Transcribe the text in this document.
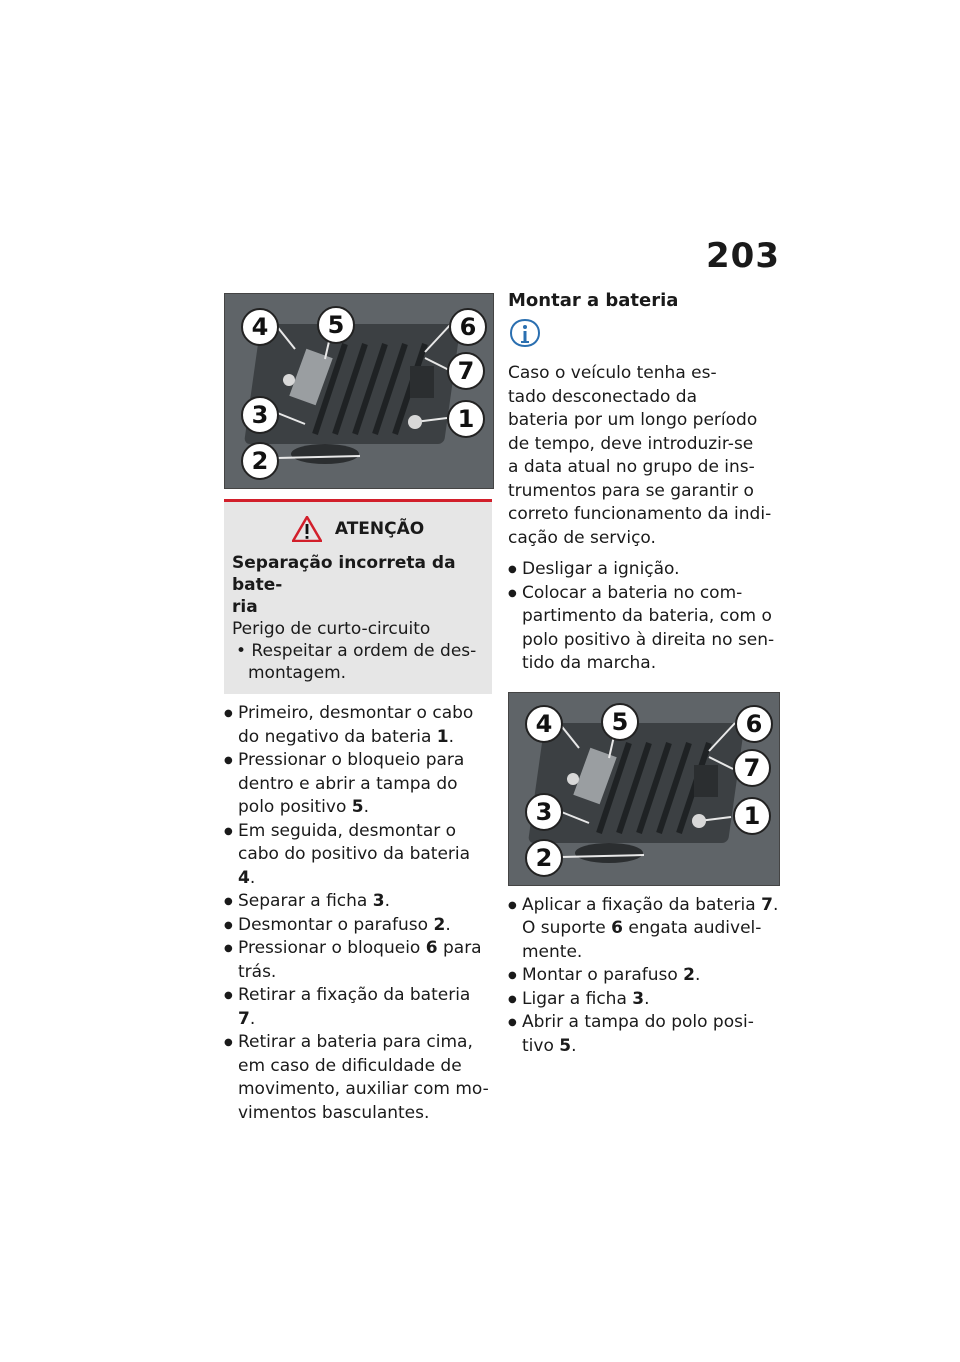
203
4	5	6
7
3	1
2
ATENÇÃO
Separação incorreta da bate-
ria
Perigo de curto-circuito
• Respeitar a ordem de des-
montagem.
● Primeiro, desmontar o cabo
do negativo da bateria 1.
● Pressionar o bloqueio para
dentro e abrir a tampa do
polo positivo 5.
● Em seguida, desmontar o
cabo do positivo da bateria 4.
● Separar a ficha 3.
● Desmontar o parafuso 2.
● Pressionar o bloqueio 6 para
trás.
● Retirar a fixação da bateria 7.
● Retirar a bateria para cima,
em caso de dificuldade de
movimento, auxiliar com mo-
vimentos basculantes.
Montar a bateria

Caso o veículo tenha es-
tado desconectado da
bateria por um longo período
de tempo, deve introduzir-se
a data atual no grupo de ins-
trumentos para se garantir o
correto funcionamento da indi-
cação de serviço.

● Desligar a ignição.
● Colocar a bateria no com-
partimento da bateria, com o
polo positivo à direita no sen-
tido da marcha.
4	5	6
7
3	1
2
● Aplicar a fixação da bateria 7.
O suporte 6 engata audivel-
mente.
● Montar o parafuso 2.
● Ligar a ficha 3.
● Abrir a tampa do polo posi-
tivo 5.
